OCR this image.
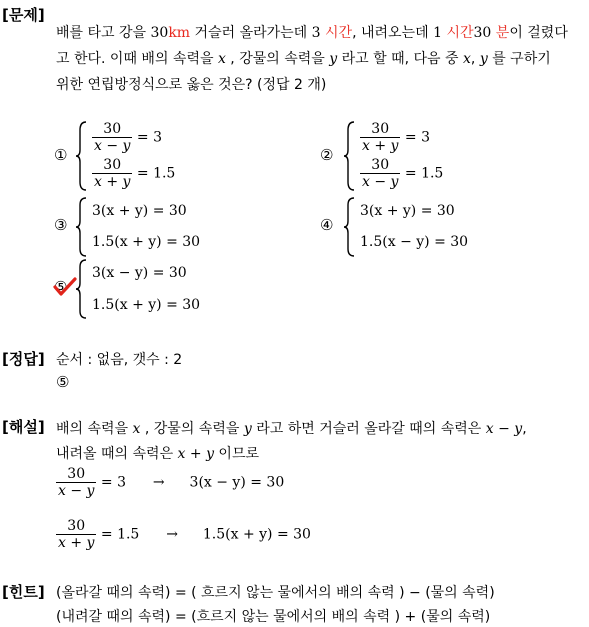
[문제]
배를 타고 강을 30km 거슬러 올라가는데 3 시간, 내려오는데 1 시간30 분이 걸렸다
고 한다. 이때 배의 속력을 x , 강물의 속력을 y 라고 할 때, 다음 중 x, y 를 구하기
위한 연립방정식으로 옳은 것은? (정답 2 개)
①
$\frac{30}{x - y} = 3$
$\frac{30}{x + y} = 1.5$
②
$\frac{30}{x + y} = 3$
$\frac{30}{x - y} = 1.5$
③
3(x + y) = 30
1.5(x + y) = 30
④
3(x + y) = 30
1.5(x − y) = 30
⑤
3(x − y) = 30
1.5(x + y) = 30
[정답] 순서 : 없음, 갯수 : 2
⑤
[해설] 배의 속력을 x , 강물의 속력을 y 라고 하면 거슬러 올라갈 때의 속력은 x − y,
내려올 때의 속력은 x + y 이므로
$\frac{30}{x - y} = 3 \to 3(x - y) = 30$
$\frac{30}{x + y} = 1.5 \to 1.5(x + y) = 30$
[힌트] (올라갈 때의 속력) = ( 흐르지 않는 물에서의 배의 속력 ) − (물의 속력)
(내려갈 때의 속력) = (흐르지 않는 물에서의 배의 속력 ) + (물의 속력)
